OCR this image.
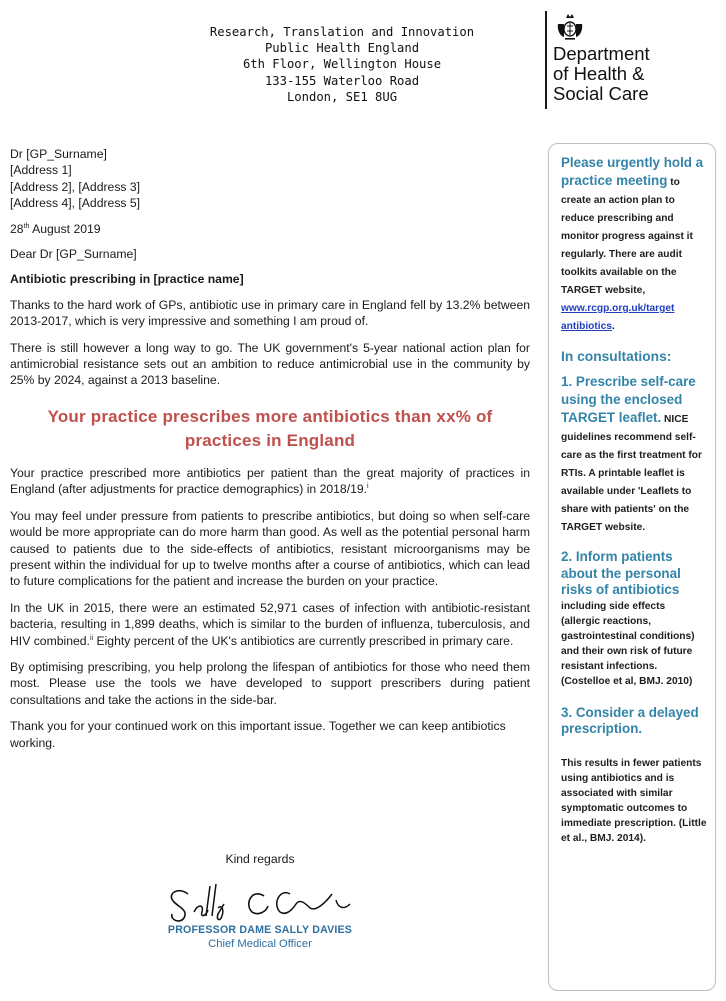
Research, Translation and Innovation
Public Health England
6th Floor, Wellington House
133-155 Waterloo Road
London, SE1 8UG
Department
of Health &
Social Care
Dr [GP_Surname]
[Address 1]
[Address 2], [Address 3]
[Address 4], [Address 5]

28th August 2019

Dear Dr [GP_Surname]

Antibiotic prescribing in [practice name]

Thanks to the hard work of GPs, antibiotic use in primary care in England fell by 13.2% between 2013-2017, which is very impressive and something I am proud of.

There is still however a long way to go. The UK government's 5-year national action plan for antimicrobial resistance sets out an ambition to reduce antimicrobial use in the community by 25% by 2024, against a 2013 baseline.

Your practice prescribes more antibiotics than xx% of practices in England

Your practice prescribed more antibiotics per patient than the great majority of practices in England (after adjustments for practice demographics) in 2018/19.$^i$

You may feel under pressure from patients to prescribe antibiotics, but doing so when self-care would be more appropriate can do more harm than good. As well as the potential personal harm caused to patients due to the side-effects of antibiotics, resistant microorganisms may be present within the individual for up to twelve months after a course of antibiotics, which can lead to future complications for the patient and increase the burden on your practice.

In the UK in 2015, there were an estimated 52,971 cases of infection with antibiotic-resistant bacteria, resulting in 1,899 deaths, which is similar to the burden of influenza, tuberculosis, and HIV combined.$^{ii}$ Eighty percent of the UK's antibiotics are currently prescribed in primary care.

By optimising prescribing, you help prolong the lifespan of antibiotics for those who need them most. Please use the tools we have developed to support prescribers during patient consultations and take the actions in the side-bar.

Thank you for your continued work on this important issue. Together we can keep antibiotics working.

Kind regards
PROFESSOR DAME SALLY DAVIES
Chief Medical Officer
Please urgently hold a practice meeting to create an action plan to reduce prescribing and monitor progress against it regularly. There are audit toolkits available on the TARGET website, www.rcgp.org.uk/target antibiotics.
In consultations:
1. Prescribe self-care using the enclosed TARGET leaflet. NICE guidelines recommend self-care as the first treatment for RTIs. A printable leaflet is available under 'Leaflets to share with patients' on the TARGET website.
2. Inform patients about the personal risks of antibiotics
including side effects (allergic reactions, gastrointestinal conditions) and their own risk of future resistant infections. (Costelloe et al, BMJ. 2010)
3. Consider a delayed prescription.
This results in fewer patients using antibiotics and is associated with similar symptomatic outcomes to immediate prescription. (Little et al., BMJ. 2014).
